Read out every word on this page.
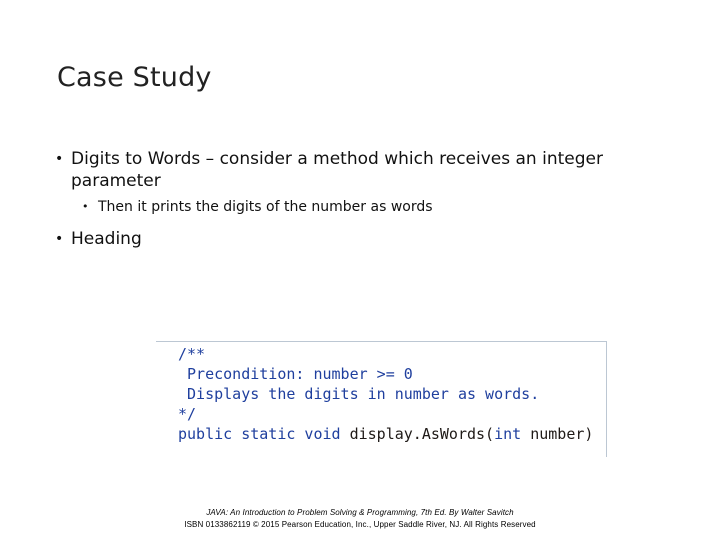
Case Study
• Digits to Words – consider a method which receives an integer parameter
• Then it prints the digits of the number as words
• Heading
/**
Precondition: number >= 0
Displays the digits in number as words.
*/
public static void display.AsWords(int number)
JAVA: An Introduction to Problem Solving & Programming, 7th Ed. By Walter Savitch
ISBN 0133862119 © 2015 Pearson Education, Inc., Upper Saddle River, NJ. All Rights Reserved
